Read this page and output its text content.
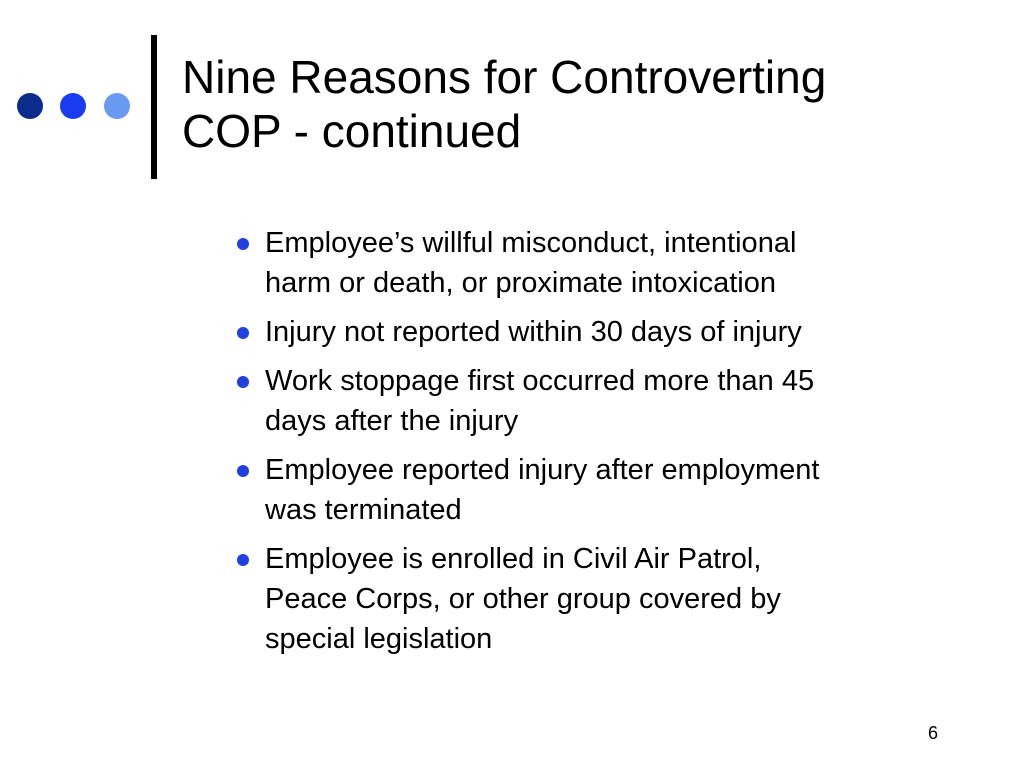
Nine Reasons for Controverting
COP - continued
Employee’s willful misconduct, intentional
harm or death, or proximate intoxication
Injury not reported within 30 days of injury
Work stoppage first occurred more than 45
days after the injury
Employee reported injury after employment
was terminated
Employee is enrolled in Civil Air Patrol,
Peace Corps, or other group covered by
special legislation
6
